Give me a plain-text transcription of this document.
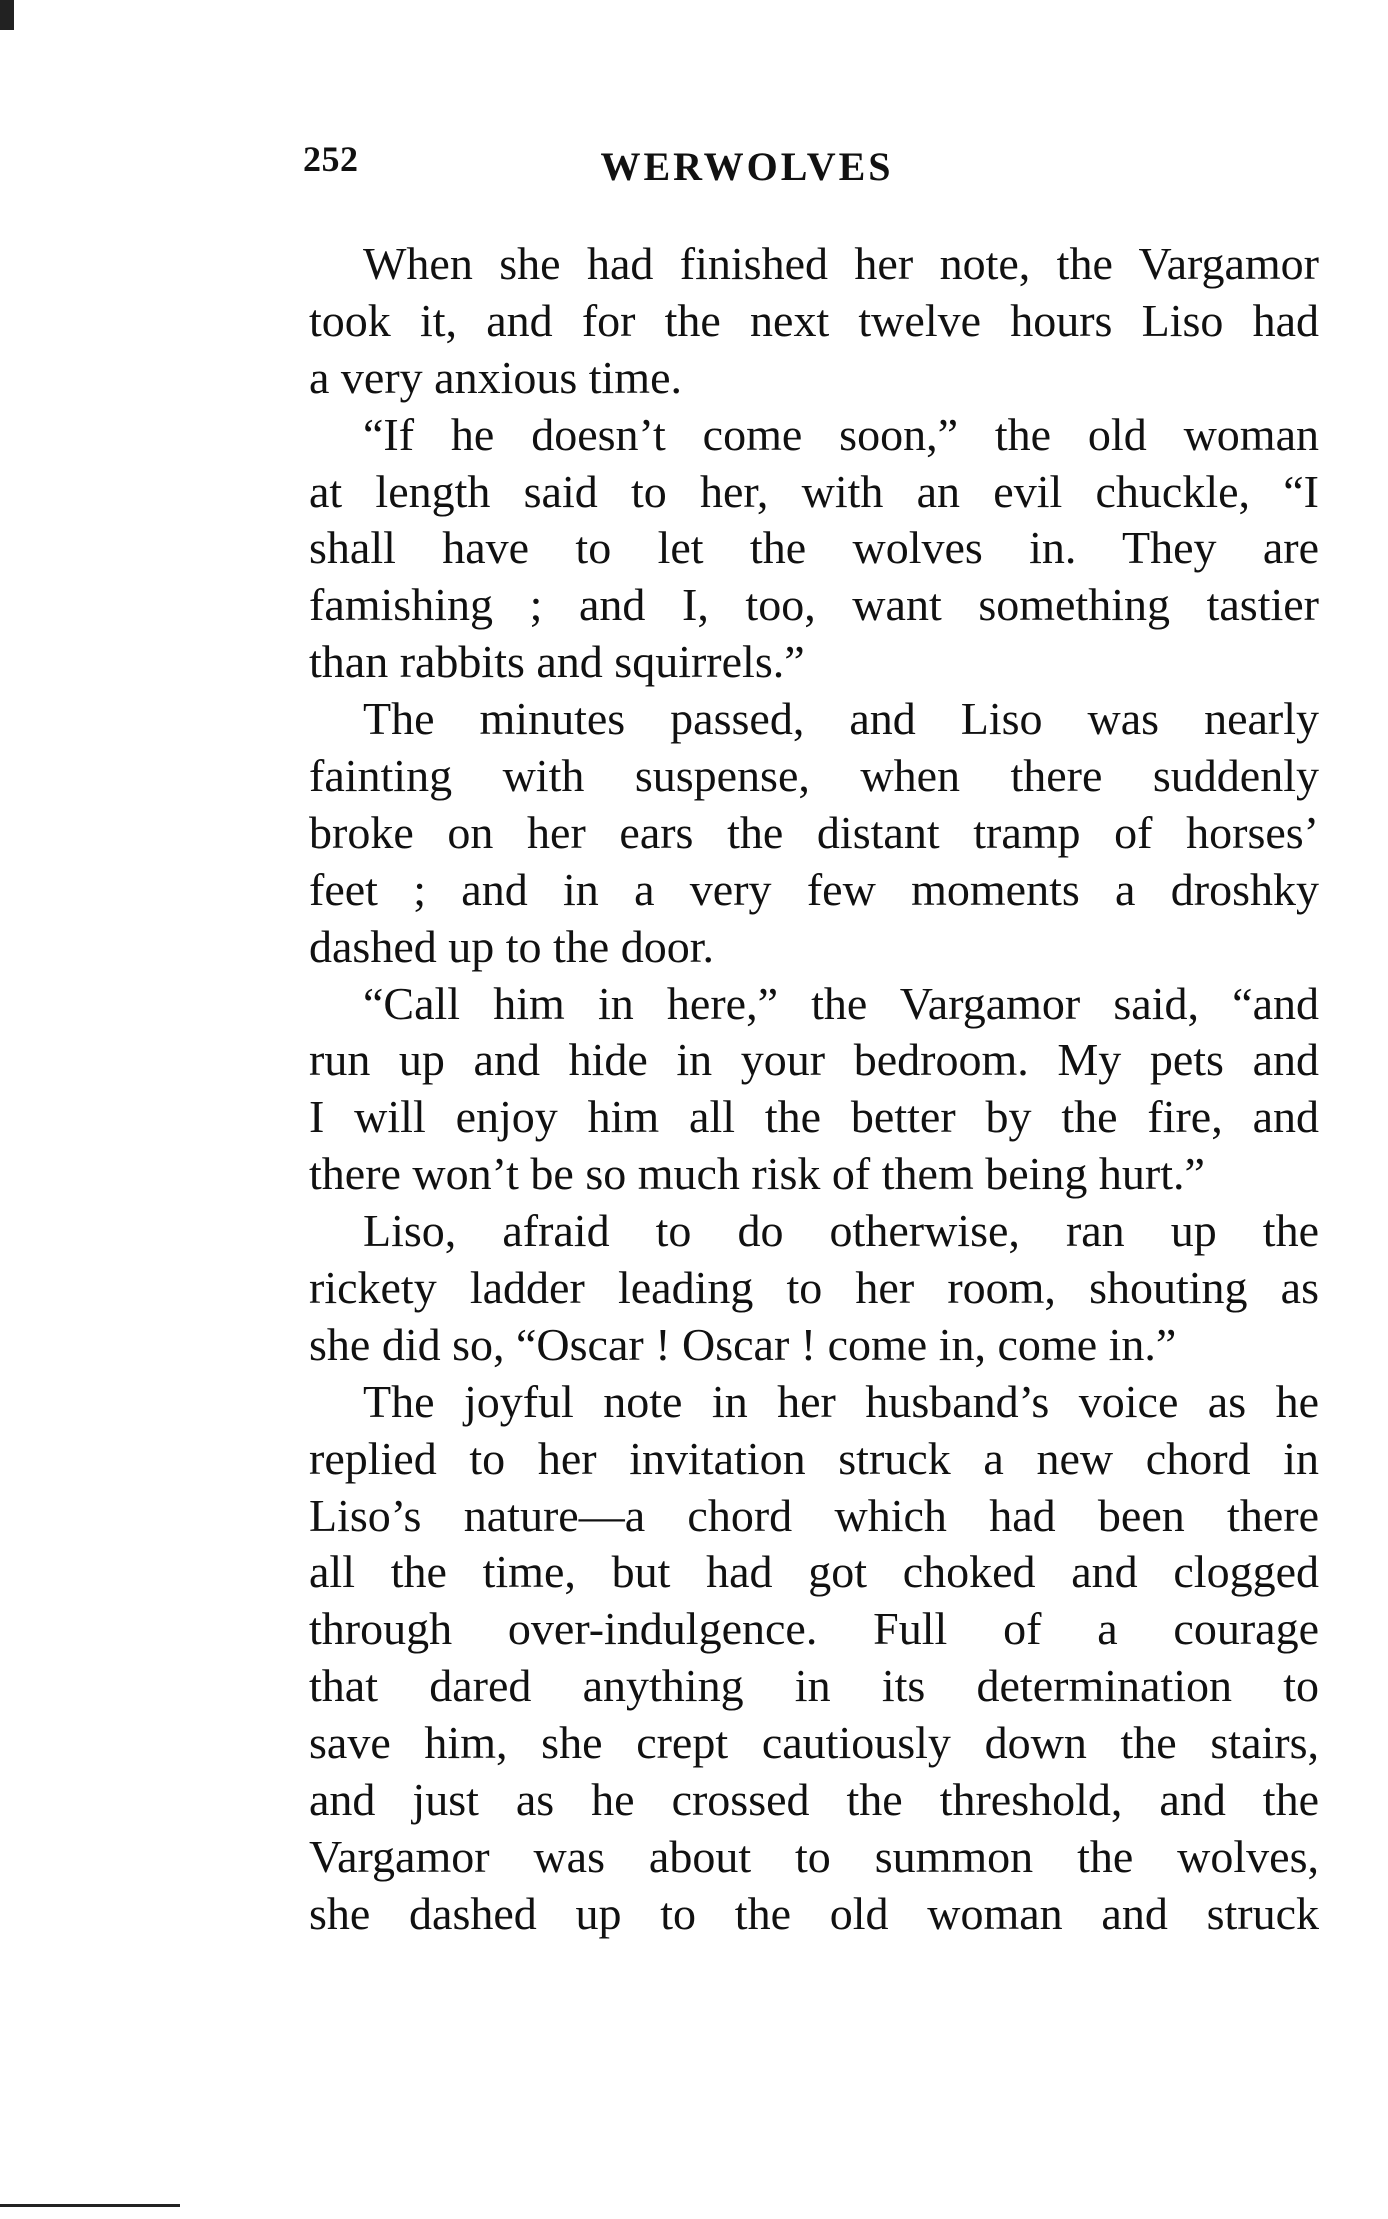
252	WERWOLVES
When she had finished her note, the Vargamor
took it, and for the next twelve hours Liso had
a very anxious time.
“If he doesn’t come soon,” the old woman
at length said to her, with an evil chuckle, “I
shall have to let the wolves in. They are
famishing ; and I, too, want something tastier
than rabbits and squirrels.”
The minutes passed, and Liso was nearly
fainting with suspense, when there suddenly
broke on her ears the distant tramp of horses’
feet ; and in a very few moments a droshky
dashed up to the door.
“Call him in here,” the Vargamor said, “and
run up and hide in your bedroom. My pets and
I will enjoy him all the better by the fire, and
there won’t be so much risk of them being hurt.”
Liso, afraid to do otherwise, ran up the
rickety ladder leading to her room, shouting as
she did so, “Oscar ! Oscar ! come in, come in.”
The joyful note in her husband’s voice as he
replied to her invitation struck a new chord in
Liso’s nature—a chord which had been there
all the time, but had got choked and clogged
through over-indulgence. Full of a courage
that dared anything in its determination to
save him, she crept cautiously down the stairs,
and just as he crossed the threshold, and the
Vargamor was about to summon the wolves,
she dashed up to the old woman and struck
